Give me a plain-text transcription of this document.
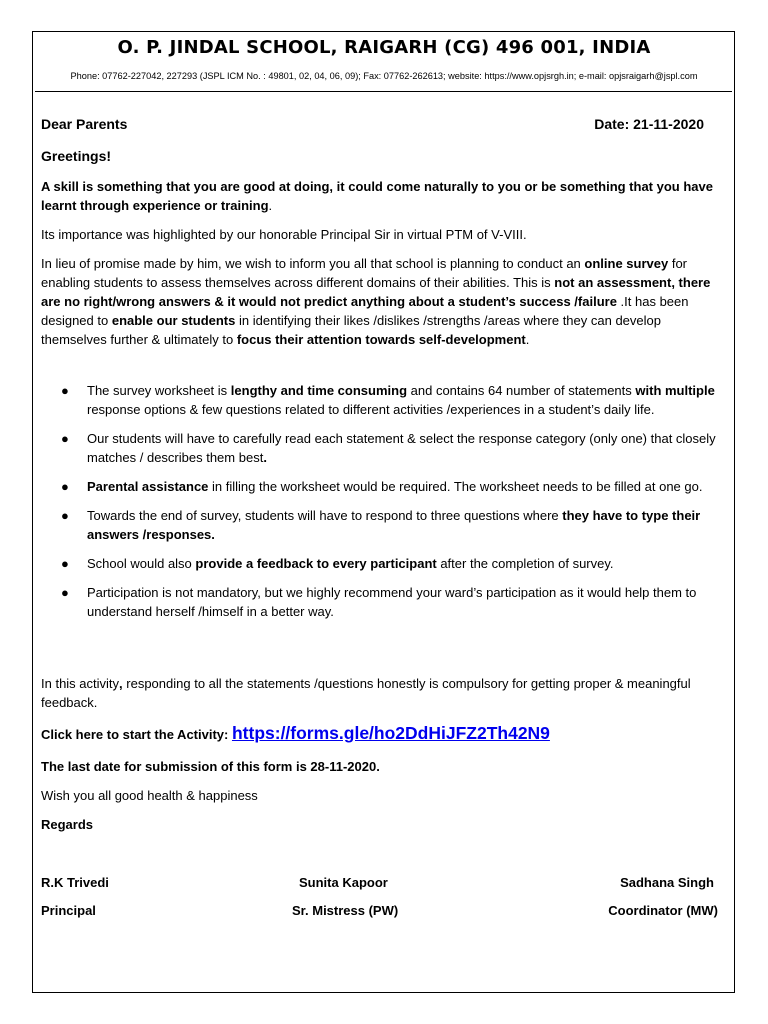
O. P. JINDAL SCHOOL, RAIGARH (CG) 496 001, INDIA
Phone: 07762-227042, 227293 (JSPL ICM No. : 49801, 02, 04, 06, 09); Fax: 07762-262613; website: https://www.opjsrgh.in; e-mail: opjsraigarh@jspl.com
Dear Parents	Date: 21-11-2020
Greetings!
A skill is something that you are good at doing, it could come naturally to you or be something that you have learnt through experience or training.
Its importance was highlighted by our honorable Principal Sir in virtual PTM of V-VIII.
In lieu of promise made by him, we wish to inform you all that school is planning to conduct an online survey for enabling students to assess themselves across different domains of their abilities. This is not an assessment, there are no right/wrong answers & it would not predict anything about a student’s success /failure .It has been designed to enable our students in identifying their likes /dislikes /strengths /areas where they can develop themselves further & ultimately to focus their attention towards self-development.
● The survey worksheet is lengthy and time consuming and contains 64 number of statements with multiple response options & few questions related to different activities /experiences in a student’s daily life.
● Our students will have to carefully read each statement & select the response category (only one) that closely matches / describes them best.
● Parental assistance in filling the worksheet would be required. The worksheet needs to be filled at one go.
● Towards the end of survey, students will have to respond to three questions where they have to type their answers /responses.
● School would also provide a feedback to every participant after the completion of survey.
● Participation is not mandatory, but we highly recommend your ward’s participation as it would help them to understand herself /himself in a better way.
In this activity, responding to all the statements /questions honestly is compulsory for getting proper & meaningful feedback.
Click here to start the Activity: https://forms.gle/ho2DdHiJFZ2Th42N9
The last date for submission of this form is 28-11-2020.
Wish you all good health & happiness
Regards
R.K Trivedi
Principal
Sunita Kapoor
Sr. Mistress (PW)
Sadhana Singh
Coordinator (MW)
